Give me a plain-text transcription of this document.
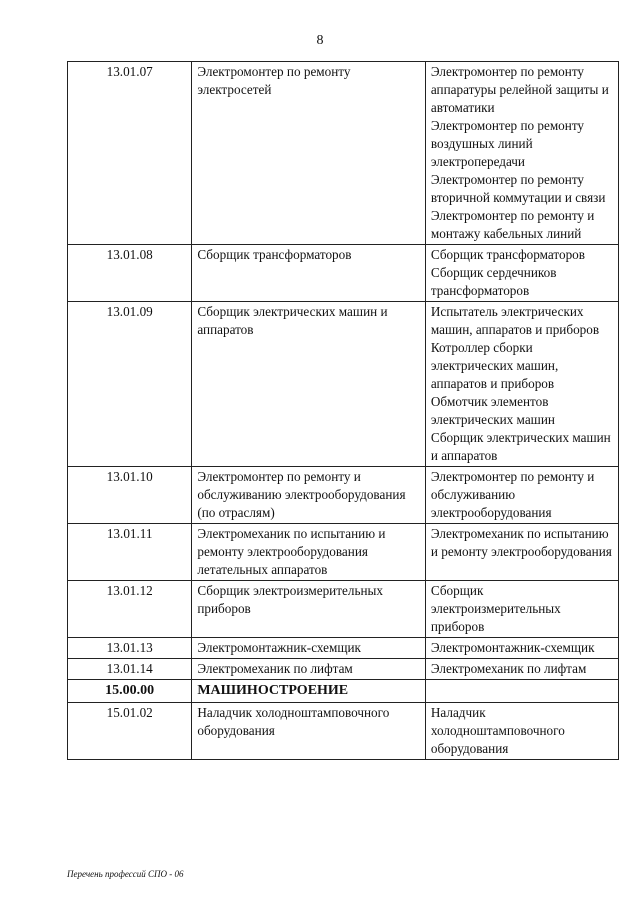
8
13.01.07	Электромонтер по ремонту электросетей	Электромонтер по ремонту аппаратуры релейной защиты и автоматики
Электромонтер по ремонту воздушных линий электропередачи
Электромонтер по ремонту вторичной коммутации и связи
Электромонтер по ремонту и монтажу кабельных линий

13.01.08	Сборщик трансформаторов	Сборщик трансформаторов
Сборщик сердечников трансформаторов

13.01.09	Сборщик электрических машин и аппаратов	Испытатель электрических машин, аппаратов и приборов
Котроллер сборки электрических машин, аппаратов и приборов
Обмотчик элементов электрических машин
Сборщик электрических машин и аппаратов

13.01.10	Электромонтер по ремонту и обслуживанию электрооборудования (по отраслям)	Электромонтер по ремонту и обслуживанию электрооборудования

13.01.11	Электромеханик по испытанию и ремонту электрооборудования летательных аппаратов	Электромеханик по испытанию и ремонту электрооборудования

13.01.12	Сборщик электроизмерительных приборов	Сборщик электроизмерительных приборов

13.01.13	Электромонтажник-схемщик	Электромонтажник-схемщик

13.01.14	Электромеханик по лифтам	Электромеханик по лифтам

15.00.00	МАШИНОСТРОЕНИЕ	
15.01.02	Наладчик холодноштамповочного оборудования	Наладчик холодноштамповочного оборудования
Перечень профессий СПО - 06
